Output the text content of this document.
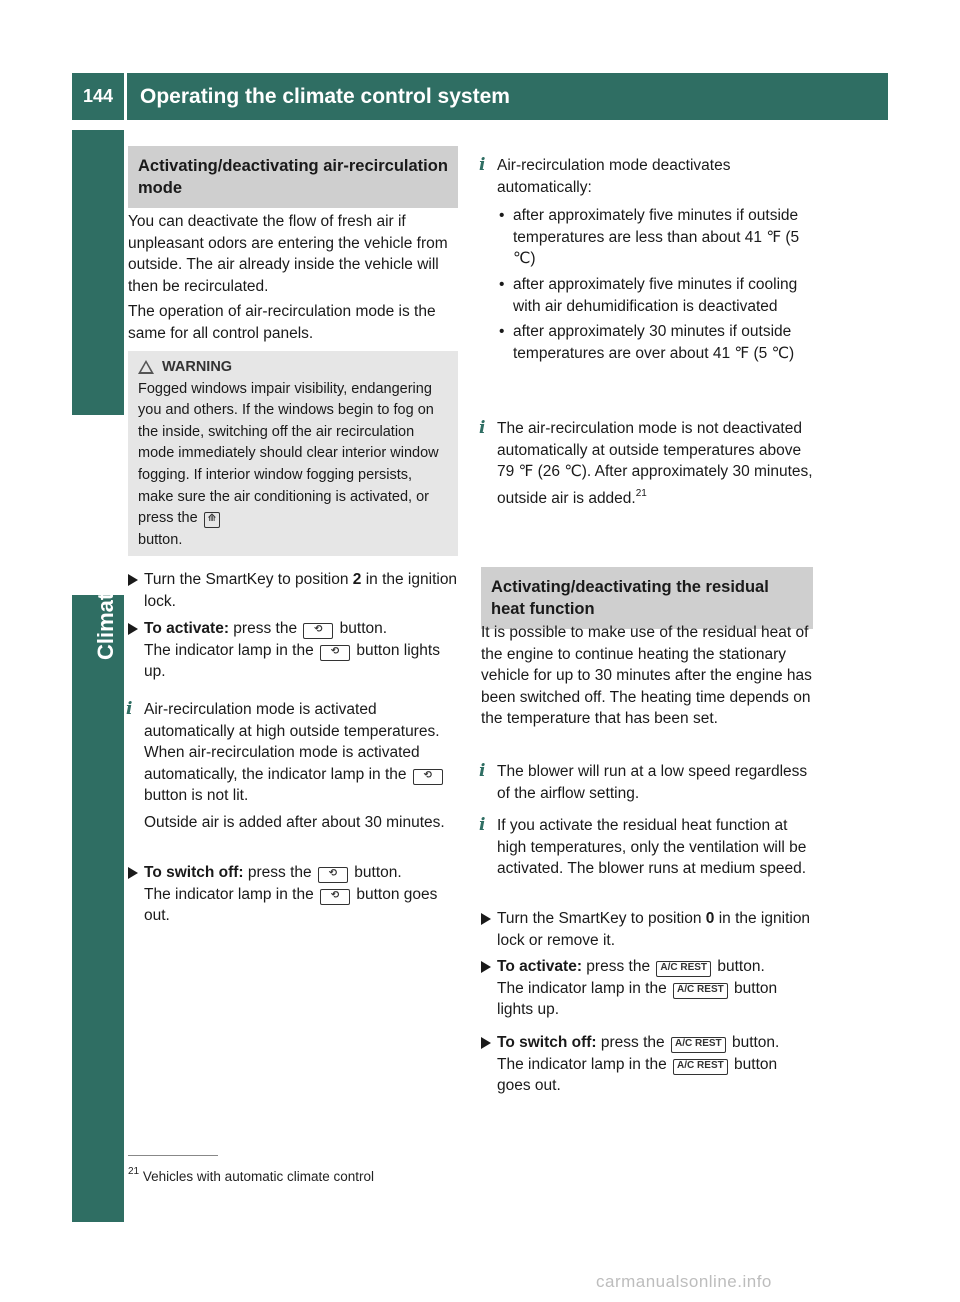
144	Operating the climate control system
Climate control
Activating/deactivating air-recirculation mode
You can deactivate the flow of fresh air if unpleasant odors are entering the vehicle from outside. The air already inside the vehicle will then be recirculated.
The operation of air-recirculation mode is the same for all control panels.
WARNING
Fogged windows impair visibility, endangering you and others. If the windows begin to fog on the inside, switching off the air recirculation mode immediately should clear interior window fogging. If interior window fogging persists, make sure the air conditioning is activated, or press the ⟰
button.
Turn the SmartKey to position 2 in the ignition lock.
To activate: press the ⟲ button.
The indicator lamp in the ⟲ button lights up.
i Air-recirculation mode is activated automatically at high outside temperatures. When air-recirculation mode is activated automatically, the indicator lamp in the ⟲ button is not lit.
Outside air is added after about 30 minutes.
To switch off: press the ⟲ button.
The indicator lamp in the ⟲ button goes out.
i Air-recirculation mode deactivates automatically:
• after approximately five minutes if outside temperatures are less than about 41 ℉ (5 ℃)
• after approximately five minutes if cooling with air dehumidification is deactivated
• after approximately 30 minutes if outside temperatures are over about 41 ℉ (5 ℃)
i The air-recirculation mode is not deactivated automatically at outside temperatures above 79 ℉ (26 ℃). After approximately 30 minutes, outside air is added.$^{21}$
Activating/deactivating the residual heat function
It is possible to make use of the residual heat of the engine to continue heating the stationary vehicle for up to 30 minutes after the engine has been switched off. The heating time depends on the temperature that has been set.
i The blower will run at a low speed regardless of the airflow setting.
i If you activate the residual heat function at high temperatures, only the ventilation will be activated. The blower runs at medium speed.
Turn the SmartKey to position 0 in the ignition lock or remove it.
To activate: press the A/C REST button.
The indicator lamp in the A/C REST button lights up.
To switch off: press the A/C REST button.
The indicator lamp in the A/C REST button goes out.
$^{21}$ Vehicles with automatic climate control
carmanualsonline.info
